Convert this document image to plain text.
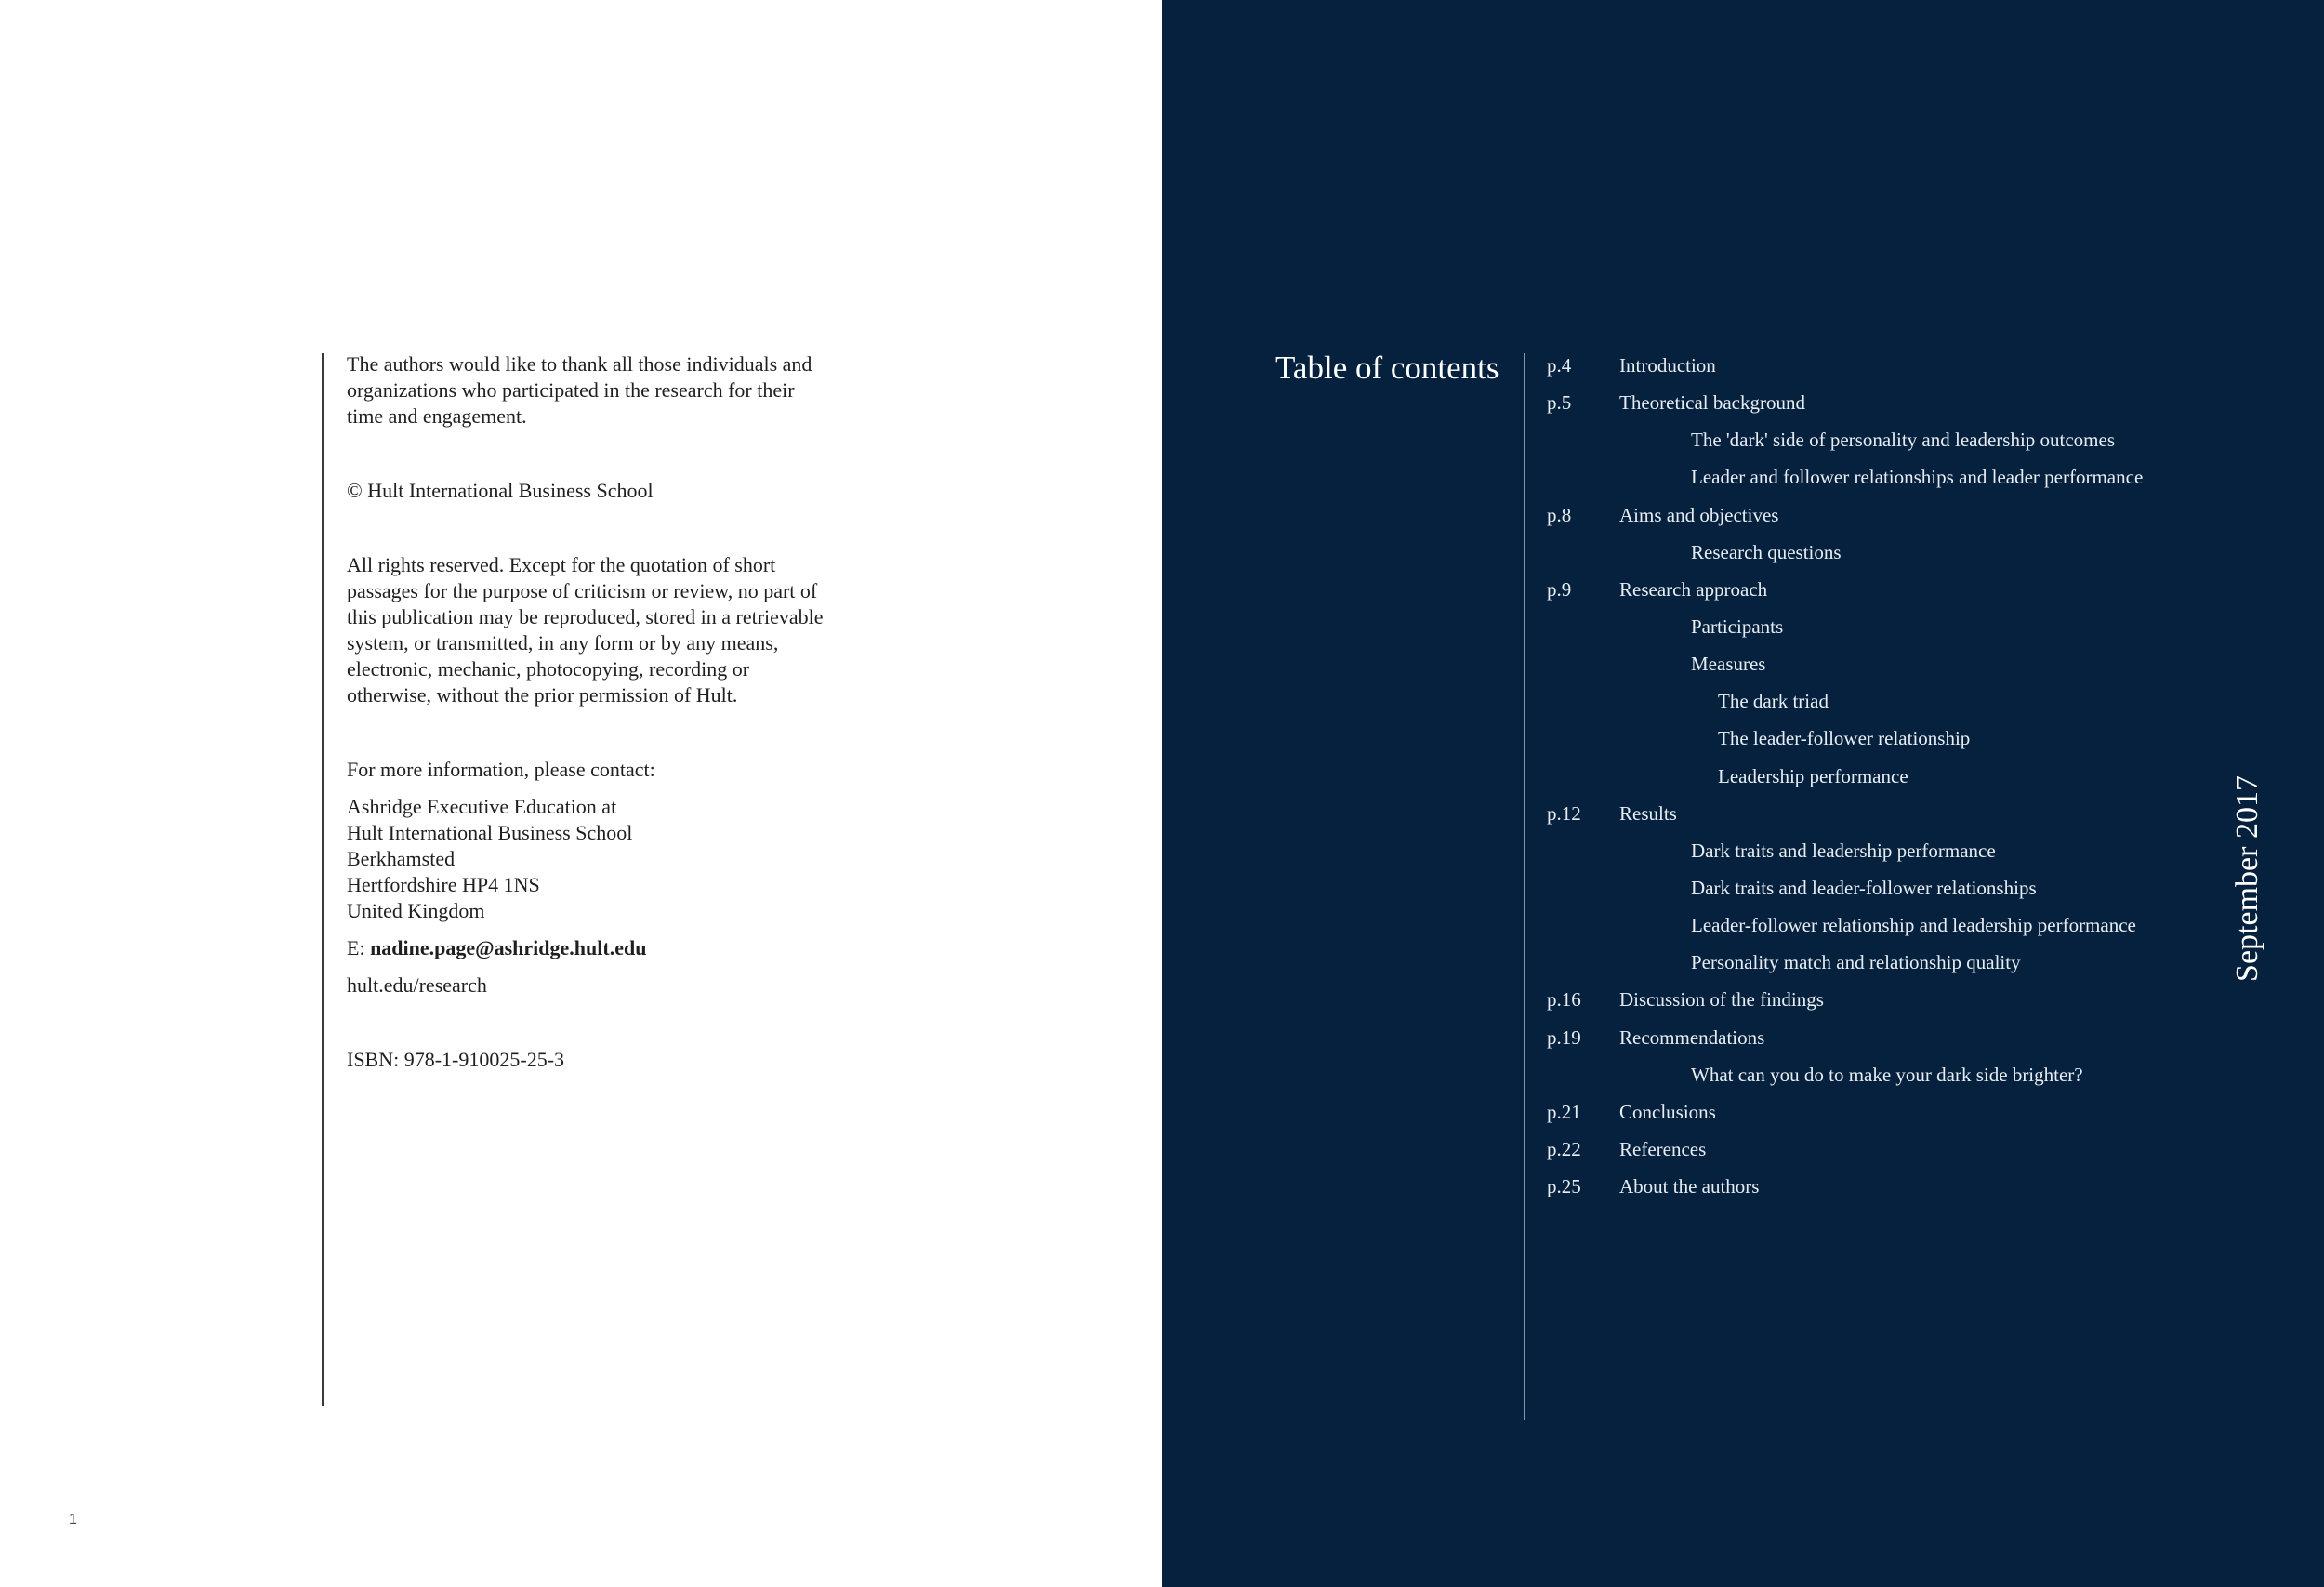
The authors would like to thank all those individuals and organizations who participated in the research for their time and engagement.

© Hult International Business School

All rights reserved. Except for the quotation of short passages for the purpose of criticism or review, no part of this publication may be reproduced, stored in a retrievable system, or transmitted, in any form or by any means, electronic, mechanic, photocopying, recording or otherwise, without the prior permission of Hult.

For more information, please contact:

Ashridge Executive Education at
Hult International Business School
Berkhamsted
Hertfordshire HP4 1NS
United Kingdom

E: nadine.page@ashridge.hult.edu

hult.edu/research

ISBN: 978-1-910025-25-3

1
Table of contents p.4 Introduction
p.5 Theoretical background
The 'dark' side of personality and leadership outcomes
Leader and follower relationships and leader performance
p.8 Aims and objectives
Research questions
p.9 Research approach
Participants
Measures
The dark triad
The leader-follower relationship
Leadership performance
p.12 Results
Dark traits and leadership performance
Dark traits and leader-follower relationships
Leader-follower relationship and leadership performance
Personality match and relationship quality
p.16 Discussion of the findings
p.19 Recommendations
What can you do to make your dark side brighter?
p.21 Conclusions
p.22 References
p.25 About the authors
September 2017
